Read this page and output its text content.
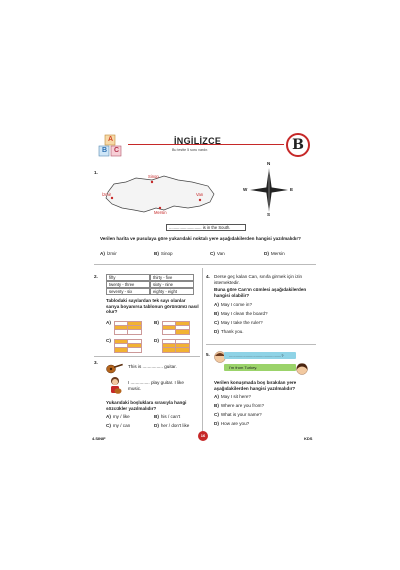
A
B C
İNGİLİZCE
Bu testte 5 soru vardır.	B
1.
Sinop
İzmir	Van
Mersin
N
W	E
S
............................ is in the South.
Verilen harita ve pusulaya göre yukarıdaki noktalı yere aşağıdakilerden hangisi yazılmalıdır?
A) İzmir	B) Sinop	C) Van	D) Mersin
2.	fifty	thirty - five
twenty - three	sixty - nine
seventy - six	eighty - eight
Tablodaki sayılardan tek sayı olanlar sarıya boyanırsa tablonun görünümü nasıl olur?
A)	B)
C)	D)
3.
This is ................ guitar.
I ............... play guitar. I like music.
Yukarıdaki boşluklara sırasıyla hangi sözcükler yazılmalıdır?
A) my / like	B) his / can't
C) my / can	D) her / don't like
4. Derse geç kalan Can, sınıfa girmek için izin istemektedir.
Buna göre Can'ın cümlesi aşağıdakilerden hangisi olabilir?
A) May I come in?
B) May I clean the board?
C) May I take the ruler?
D) Thank you.
5.	...............................................?
I'm from Turkey.
Verilen konuşmada boş bırakılan yere aşağıdakilerden hangisi yazılmalıdır?
A) May I sit here?
B) Where are you from?
C) What is your name?
D) How are you?
4.SINIF
16
KDS
